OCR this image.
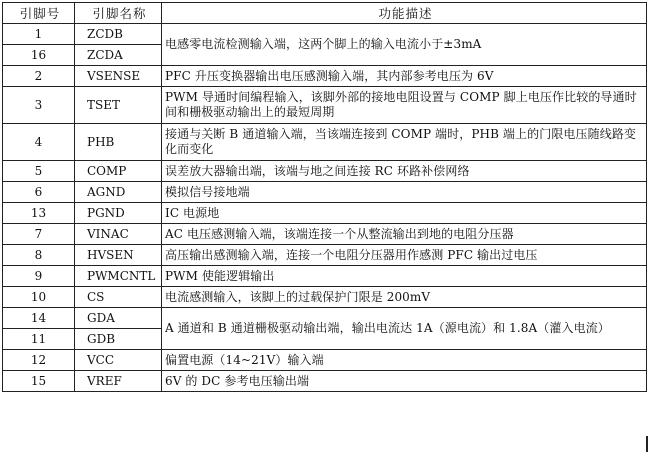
引脚号	引脚名称	功能描述
1	ZCDB	电感零电流检测输入端，这两个脚上的输入电流小于±3mA
16	ZCDA	
2	VSENSE	PFC 升压变换器输出电压感测输入端，其内部参考电压为 6V
3	TSET	PWM 导通时间编程输入，该脚外部的接地电阻设置与 COMP 脚上电压作比较的导通时间和栅极驱动输出上的最短周期
4	PHB	接通与关断 B 通道输入端，当该端连接到 COMP 端时，PHB 端上的门限电压随线路变化而变化
5	COMP	误差放大器输出端，该端与地之间连接 RC 环路补偿网络
6	AGND	模拟信号接地端
13	PGND	IC 电源地
7	VINAC	AC 电压感测输入端，该端连接一个从整流输出到地的电阻分压器
8	HVSEN	高压输出感测输入端，连接一个电阻分压器用作感测 PFC 输出过电压
9	PWMCNTL	PWM 使能逻辑输出
10	CS	电流感测输入，该脚上的过载保护门限是 200mV
14	GDA	A 通道和 B 通道栅极驱动输出端，输出电流达 1A（源电流）和 1.8A（灌入电流）
11	GDB	
12	VCC	偏置电源（14~21V）输入端
15	VREF	6V 的 DC 参考电压输出端
